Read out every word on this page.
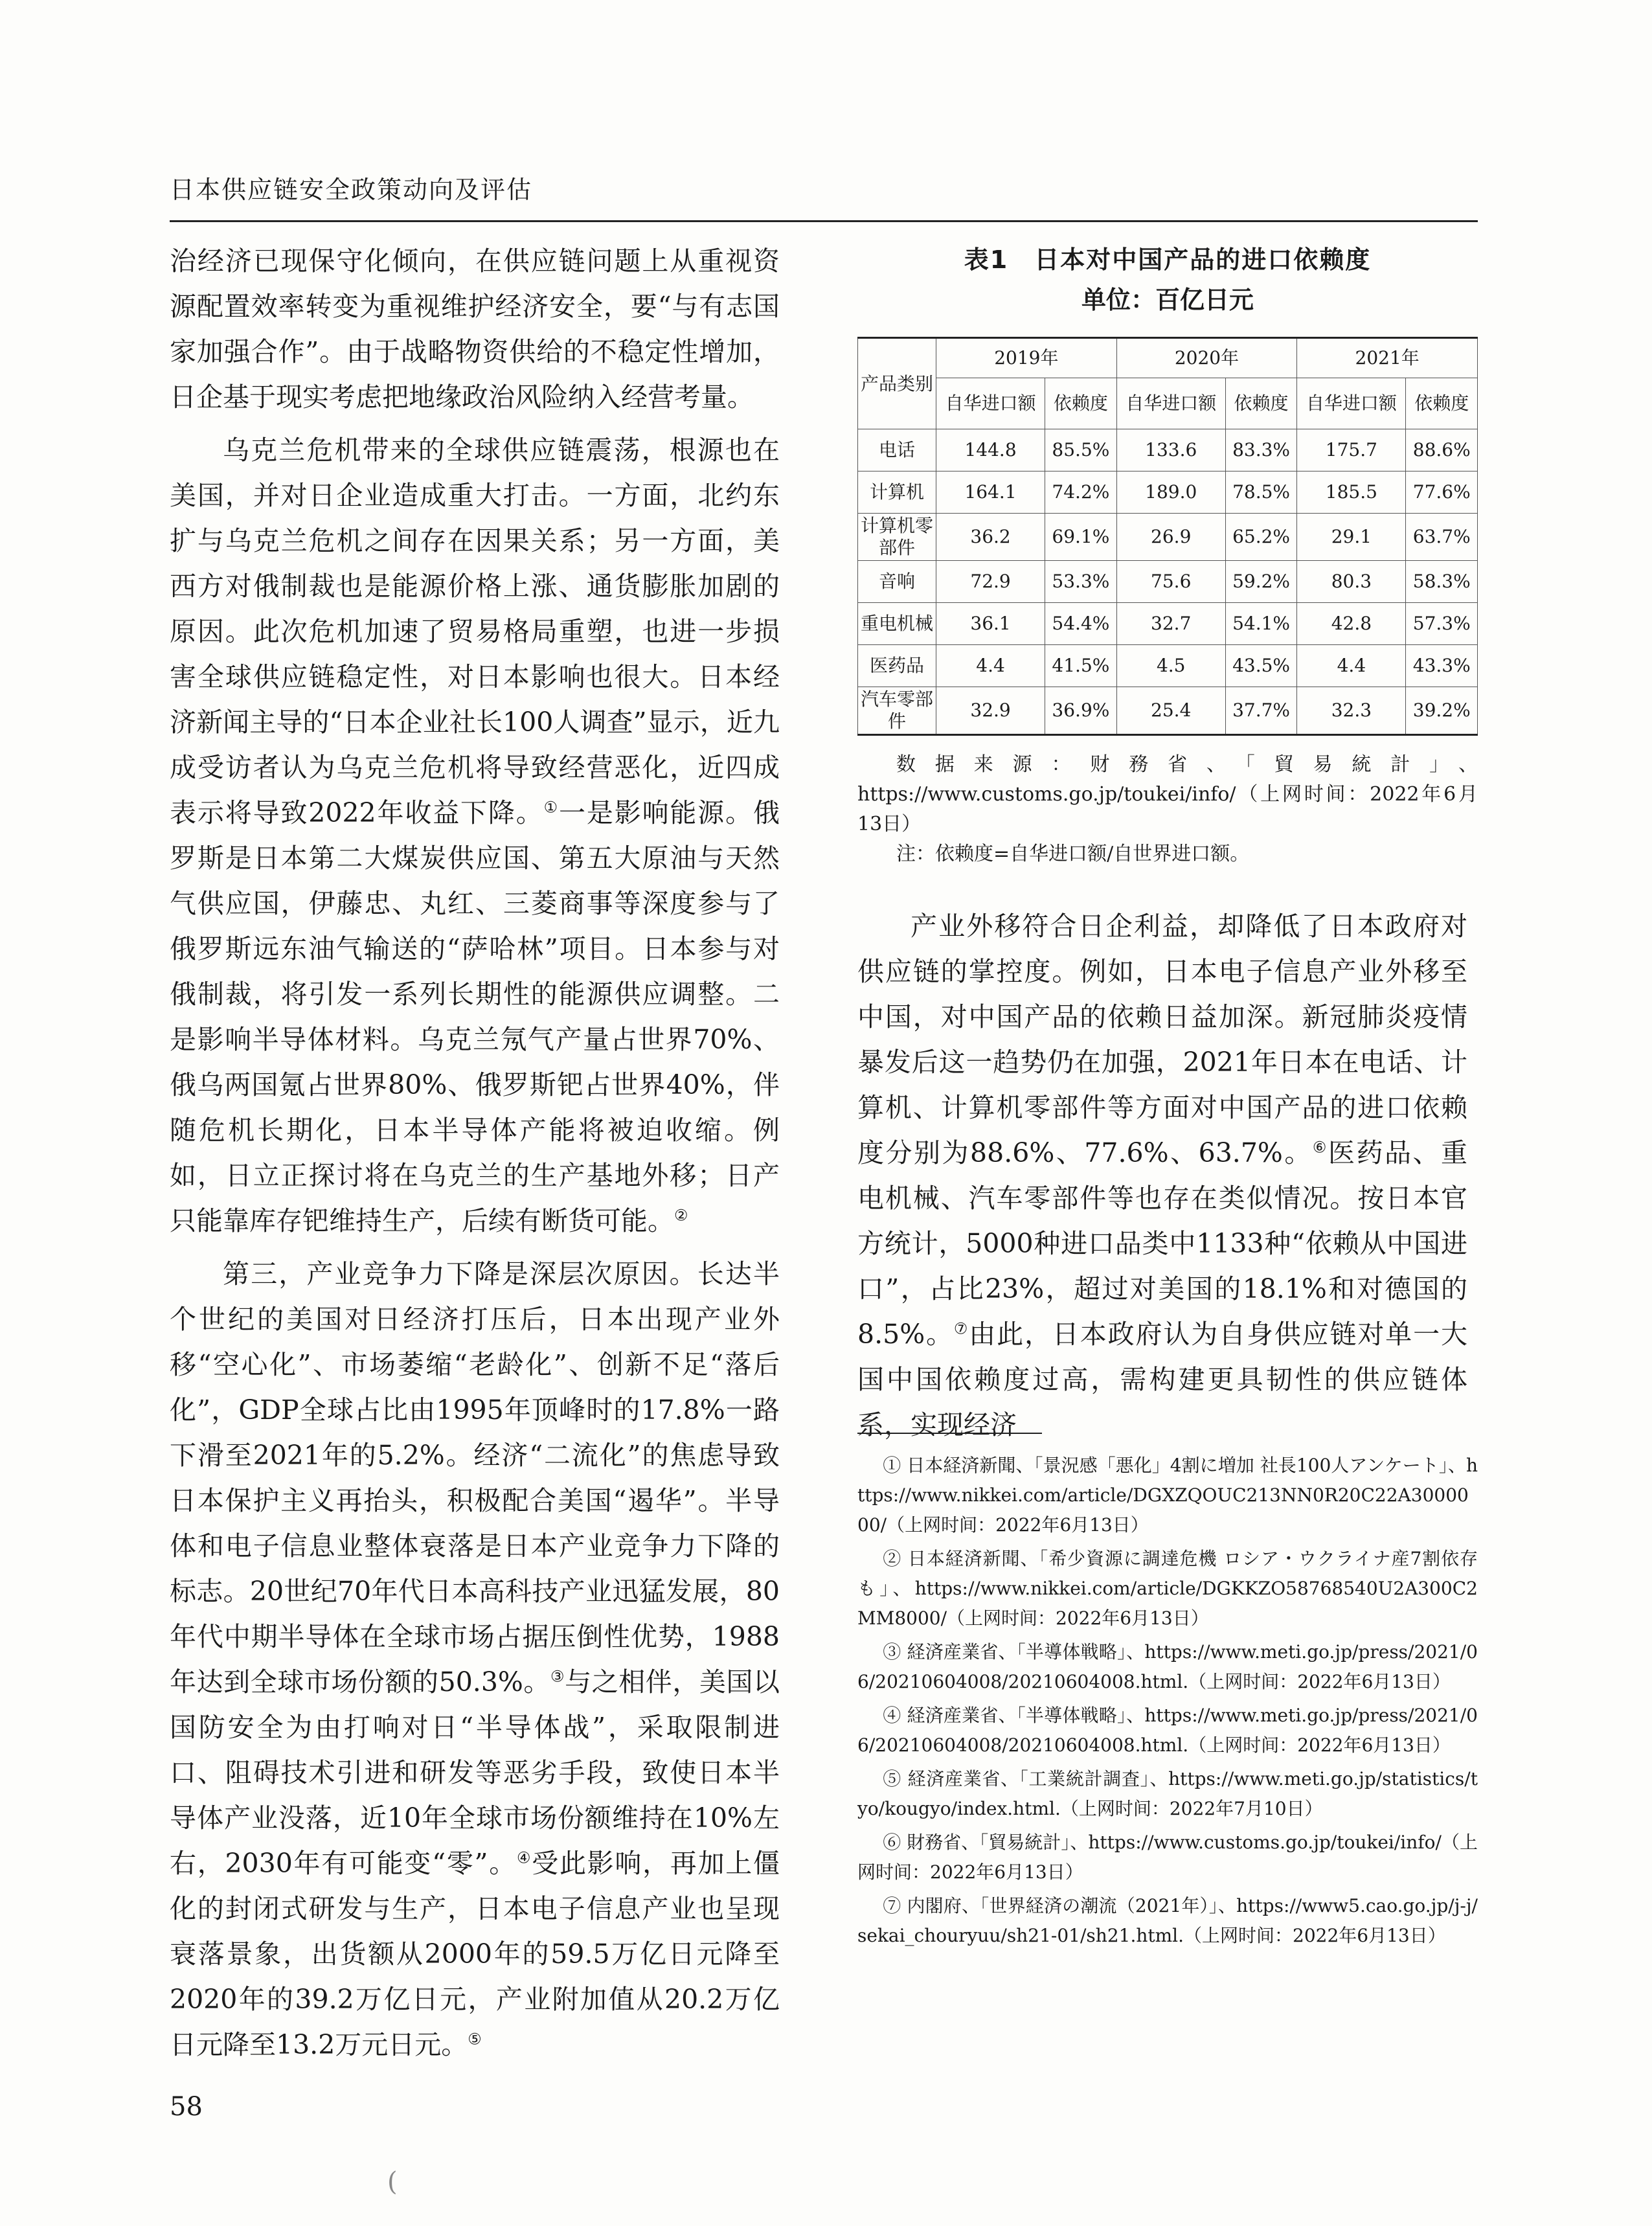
日本供应链安全政策动向及评估

治经济已现保守化倾向，在供应链问题上从重视资源配置效率转变为重视维护经济安全，要“与有志国家加强合作”。由于战略物资供给的不稳定性增加，日企基于现实考虑把地缘政治风险纳入经营考量。

乌克兰危机带来的全球供应链震荡，根源也在美国，并对日企业造成重大打击。一方面，北约东扩与乌克兰危机之间存在因果关系；另一方面，美西方对俄制裁也是能源价格上涨、通货膨胀加剧的原因。此次危机加速了贸易格局重塑，也进一步损害全球供应链稳定性，对日本影响也很大。日本经济新闻主导的“日本企业社长100人调查”显示，近九成受访者认为乌克兰危机将导致经营恶化，近四成表示将导致2022年收益下降。①一是影响能源。俄罗斯是日本第二大煤炭供应国、第五大原油与天然气供应国，伊藤忠、丸红、三菱商事等深度参与了俄罗斯远东油气输送的“萨哈林”项目。日本参与对俄制裁，将引发一系列长期性的能源供应调整。二是影响半导体材料。乌克兰氖气产量占世界70%、俄乌两国氪占世界80%、俄罗斯钯占世界40%，伴随危机长期化，日本半导体产能将被迫收缩。例如，日立正探讨将在乌克兰的生产基地外移；日产只能靠库存钯维持生产，后续有断货可能。②

第三，产业竞争力下降是深层次原因。长达半个世纪的美国对日经济打压后，日本出现产业外移“空心化”、市场萎缩“老龄化”、创新不足“落后化”，GDP全球占比由1995年顶峰时的17.8%一路下滑至2021年的5.2%。经济“二流化”的焦虑导致日本保护主义再抬头，积极配合美国“遏华”。半导体和电子信息业整体衰落是日本产业竞争力下降的标志。20世纪70年代日本高科技产业迅猛发展，80年代中期半导体在全球市场占据压倒性优势，1988年达到全球市场份额的50.3%。③与之相伴，美国以国防安全为由打响对日“半导体战”，采取限制进口、阻碍技术引进和研发等恶劣手段，致使日本半导体产业没落，近10年全球市场份额维持在10%左右，2030年有可能变“零”。④受此影响，再加上僵化的封闭式研发与生产，日本电子信息产业也呈现衰落景象，出货额从2000年的59.5万亿日元降至2020年的39.2万亿日元，产业附加值从20.2万亿日元降至13.2万元日元。⑤

表1　日本对中国产品的进口依赖度
单位：百亿日元
产品类别	2019年		2020年		2021年	
	自华进口额	依赖度	自华进口额	依赖度	自华进口额	依赖度
电话	144.8	85.5%	133.6	83.3%	175.7	88.6%
计算机	164.1	74.2%	189.0	78.5%	185.5	77.6%
计算机零部件	36.2	69.1%	26.9	65.2%	29.1	63.7%
音响	72.9	53.3%	75.6	59.2%	80.3	58.3%
重电机械	36.1	54.4%	32.7	54.1%	42.8	57.3%
医药品	4.4	41.5%	4.5	43.5%	4.4	43.3%
汽车零部件	32.9	36.9%	25.4	37.7%	32.3	39.2%
数据来源：财務省、「貿易統計」、https://www.customs.go.jp/toukei/info/（上网时间：2022年6月13日）
注：依赖度=自华进口额/自世界进口额。

产业外移符合日企利益，却降低了日本政府对供应链的掌控度。例如，日本电子信息产业外移至中国，对中国产品的依赖日益加深。新冠肺炎疫情暴发后这一趋势仍在加强，2021年日本在电话、计算机、计算机零部件等方面对中国产品的进口依赖度分别为88.6%、77.6%、63.7%。⑥医药品、重电机械、汽车零部件等也存在类似情况。按日本官方统计，5000种进口品类中1133种“依赖从中国进口”，占比23%，超过对美国的18.1%和对德国的8.5%。⑦由此，日本政府认为自身供应链对单一大国中国依赖度过高，需构建更具韧性的供应链体系，实现经济

① 日本経済新聞、「景況感「悪化」4割に増加 社長100人アンケート」、https://www.nikkei.com/article/DGXZQOUC213NN0R20C22A3000000/（上网时间：2022年6月13日）
② 日本経済新聞、「希少資源に調達危機 ロシア・ウクライナ産7割依存も」、https://www.nikkei.com/article/DGKKZO58768540U2A300C2MM8000/（上网时间：2022年6月13日）
③ 経済産業省、「半導体戦略」、https://www.meti.go.jp/press/2021/06/20210604008/20210604008.html.（上网时间：2022年6月13日）
④ 経済産業省、「半導体戦略」、https://www.meti.go.jp/press/2021/06/20210604008/20210604008.html.（上网时间：2022年6月13日）
⑤ 経済産業省、「工業統計調査」、https://www.meti.go.jp/statistics/tyo/kougyo/index.html.（上网时间：2022年7月10日）
⑥ 財務省、「貿易統計」、https://www.customs.go.jp/toukei/info/（上网时间：2022年6月13日）
⑦ 内閣府、「世界経済の潮流（2021年）」、https://www5.cao.go.jp/j-j/sekai_chouryuu/sh21-01/sh21.html.（上网时间：2022年6月13日）
58
(
